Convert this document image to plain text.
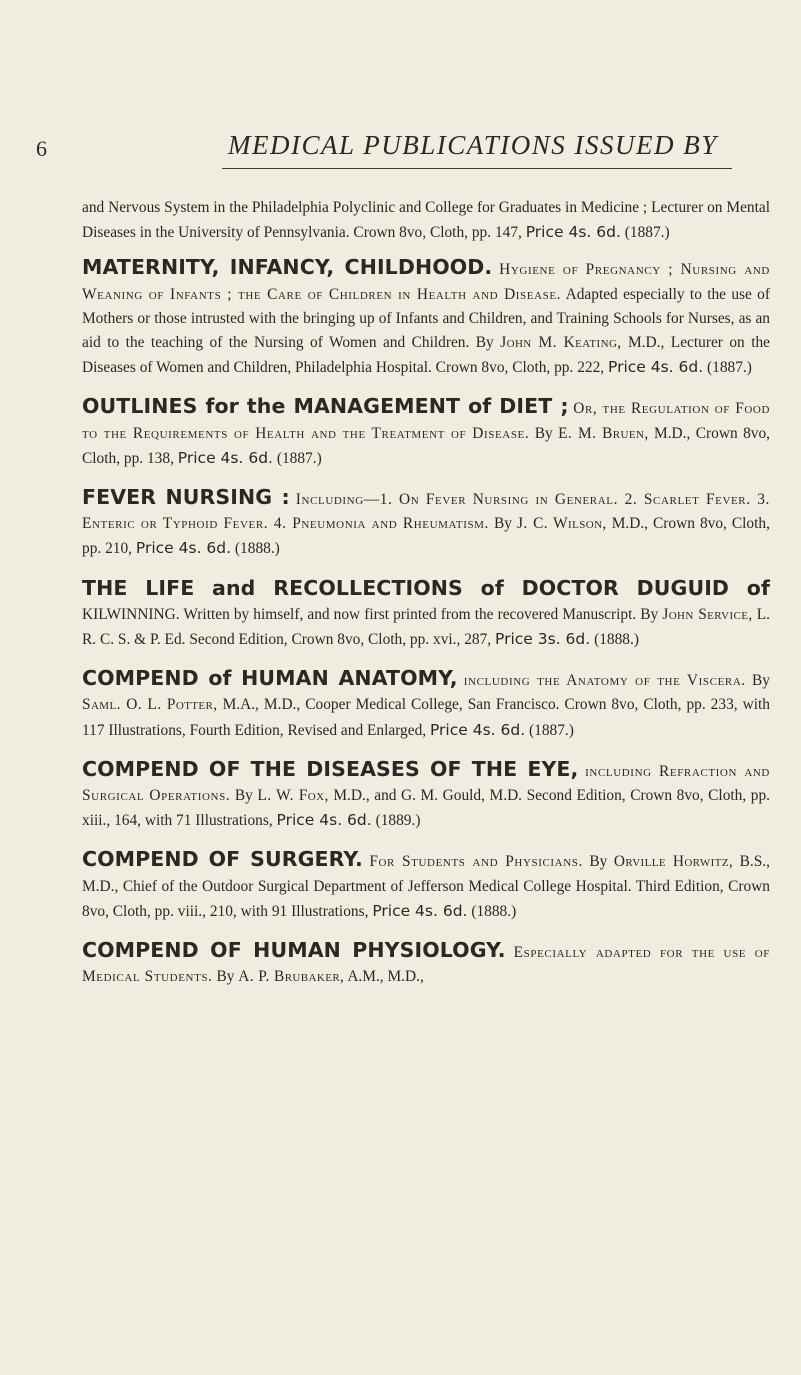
6	MEDICAL PUBLICATIONS ISSUED BY

and Nervous System in the Philadelphia Polyclinic and College for Graduates in Medicine ; Lecturer on Mental Diseases in the University of Pennsylvania. Crown 8vo, Cloth, pp. 147, Price 4s. 6d. (1887.)

MATERNITY, INFANCY, CHILDHOOD. Hygiene of Pregnancy ; Nursing and Weaning of Infants ; the Care of Children in Health and Disease. Adapted especially to the use of Mothers or those intrusted with the bringing up of Infants and Children, and Training Schools for Nurses, as an aid to the teaching of the Nursing of Women and Children. By John M. Keating, M.D., Lecturer on the Diseases of Women and Children, Philadelphia Hospital. Crown 8vo, Cloth, pp. 222, Price 4s. 6d. (1887.)

OUTLINES for the MANAGEMENT of DIET ; Or, the Regulation of Food to the Requirements of Health and the Treatment of Disease. By E. M. Bruen, M.D., Crown 8vo, Cloth, pp. 138, Price 4s. 6d. (1887.)

FEVER NURSING : Including—1. On Fever Nursing in General. 2. Scarlet Fever. 3. Enteric or Typhoid Fever. 4. Pneumonia and Rheumatism. By J. C. Wilson, M.D., Crown 8vo, Cloth, pp. 210, Price 4s. 6d. (1888.)

THE LIFE and RECOLLECTIONS of DOCTOR DUGUID of KILWINNING. Written by himself, and now first printed from the recovered Manuscript. By John Service, L. R. C. S. & P. Ed. Second Edition, Crown 8vo, Cloth, pp. xvi., 287, Price 3s. 6d. (1888.)

COMPEND of HUMAN ANATOMY, including the Anatomy of the Viscera. By Saml. O. L. Potter, M.A., M.D., Cooper Medical College, San Francisco. Crown 8vo, Cloth, pp. 233, with 117 Illustrations, Fourth Edition, Revised and Enlarged, Price 4s. 6d. (1887.)

COMPEND OF THE DISEASES OF THE EYE, including Refraction and Surgical Operations. By L. W. Fox, M.D., and G. M. Gould, M.D. Second Edition, Crown 8vo, Cloth, pp. xiii., 164, with 71 Illustrations, Price 4s. 6d. (1889.)

COMPEND OF SURGERY. For Students and Physicians. By Orville Horwitz, B.S., M.D., Chief of the Outdoor Surgical Department of Jefferson Medical College Hospital. Third Edition, Crown 8vo, Cloth, pp. viii., 210, with 91 Illustrations, Price 4s. 6d. (1888.)

COMPEND OF HUMAN PHYSIOLOGY. Especially adapted for the use of Medical Students. By A. P. Brubaker, A.M., M.D.,
